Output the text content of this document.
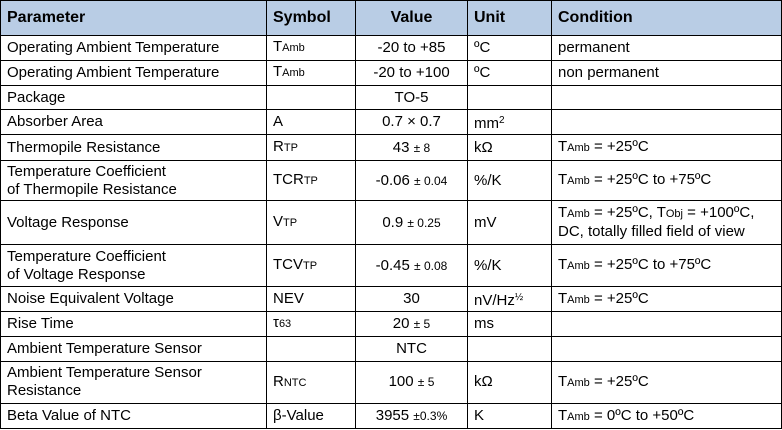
Parameter	Symbol	Value	Unit	Condition
Operating Ambient Temperature	TAmb	-20 to +85	ºC	permanent
Operating Ambient Temperature	TAmb	-20 to +100	ºC	non permanent
Package		TO-5		
Absorber Area	A	0.7 × 0.7	$mm^2$	
Thermopile Resistance	RTP	43 ± 8	kΩ	TAmb = +25ºC
Temperature Coefficient
of Thermopile Resistance	TCRTP	-0.06 ± 0.04	%/K	TAmb = +25ºC to +75ºC
Voltage Response	VTP	0.9 ± 0.25	mV	TAmb = +25ºC, TObj = +100ºC,
DC, totally filled field of view
Temperature Coefficient
of Voltage Response	TCVTP	-0.45 ± 0.08	%/K	TAmb = +25ºC to +75ºC
Noise Equivalent Voltage	NEV	30	$nV/Hz^{\frac{1}{2}}$	TAmb = +25ºC
Rise Time	τ63	20 ± 5	ms	
Ambient Temperature Sensor		NTC		
Ambient Temperature Sensor
Resistance	RNTC	100 ± 5	kΩ	TAmb = +25ºC
Beta Value of NTC	β-Value	3955 ±0.3%	K	TAmb = 0ºC to +50ºC
